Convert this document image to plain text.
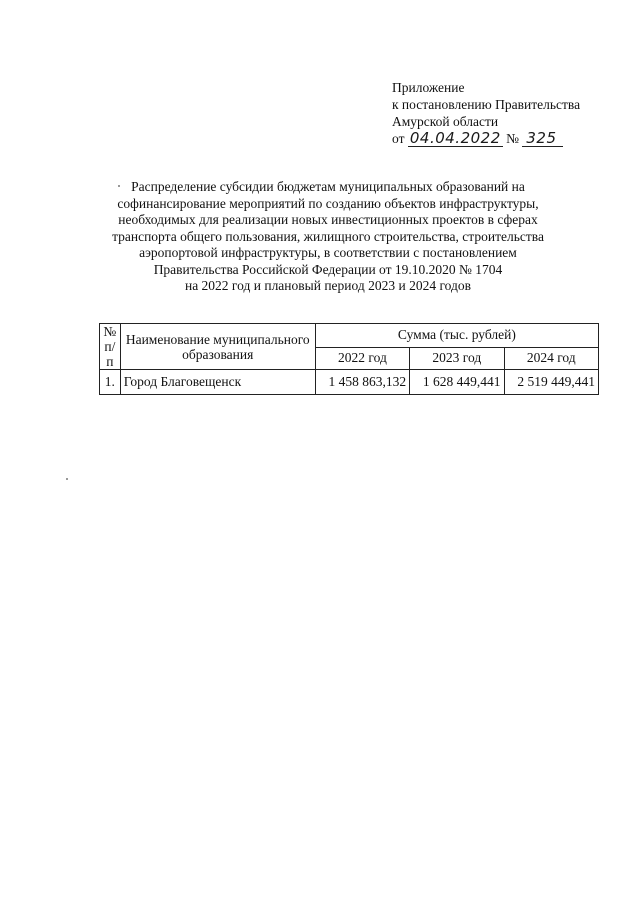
Приложение
к постановлению Правительства
Амурской области
от 04.04.2022 № 325
Распределение субсидии бюджетам муниципальных образований на
софинансирование мероприятий по созданию объектов инфраструктуры,
необходимых для реализации новых инвестиционных проектов в сферах
транспорта общего пользования, жилищного строительства, строительства
аэропортовой инфраструктуры, в соответствии с постановлением
Правительства Российской Федерации от 19.10.2020 № 1704
на 2022 год и плановый период 2023 и 2024 годов
№ п/п	Наименование муниципального образования	Сумма (тыс. рублей)		
		2022 год	2023 год	2024 год
1.	Город Благовещенск	1 458 863,132	1 628 449,441	2 519 449,441
